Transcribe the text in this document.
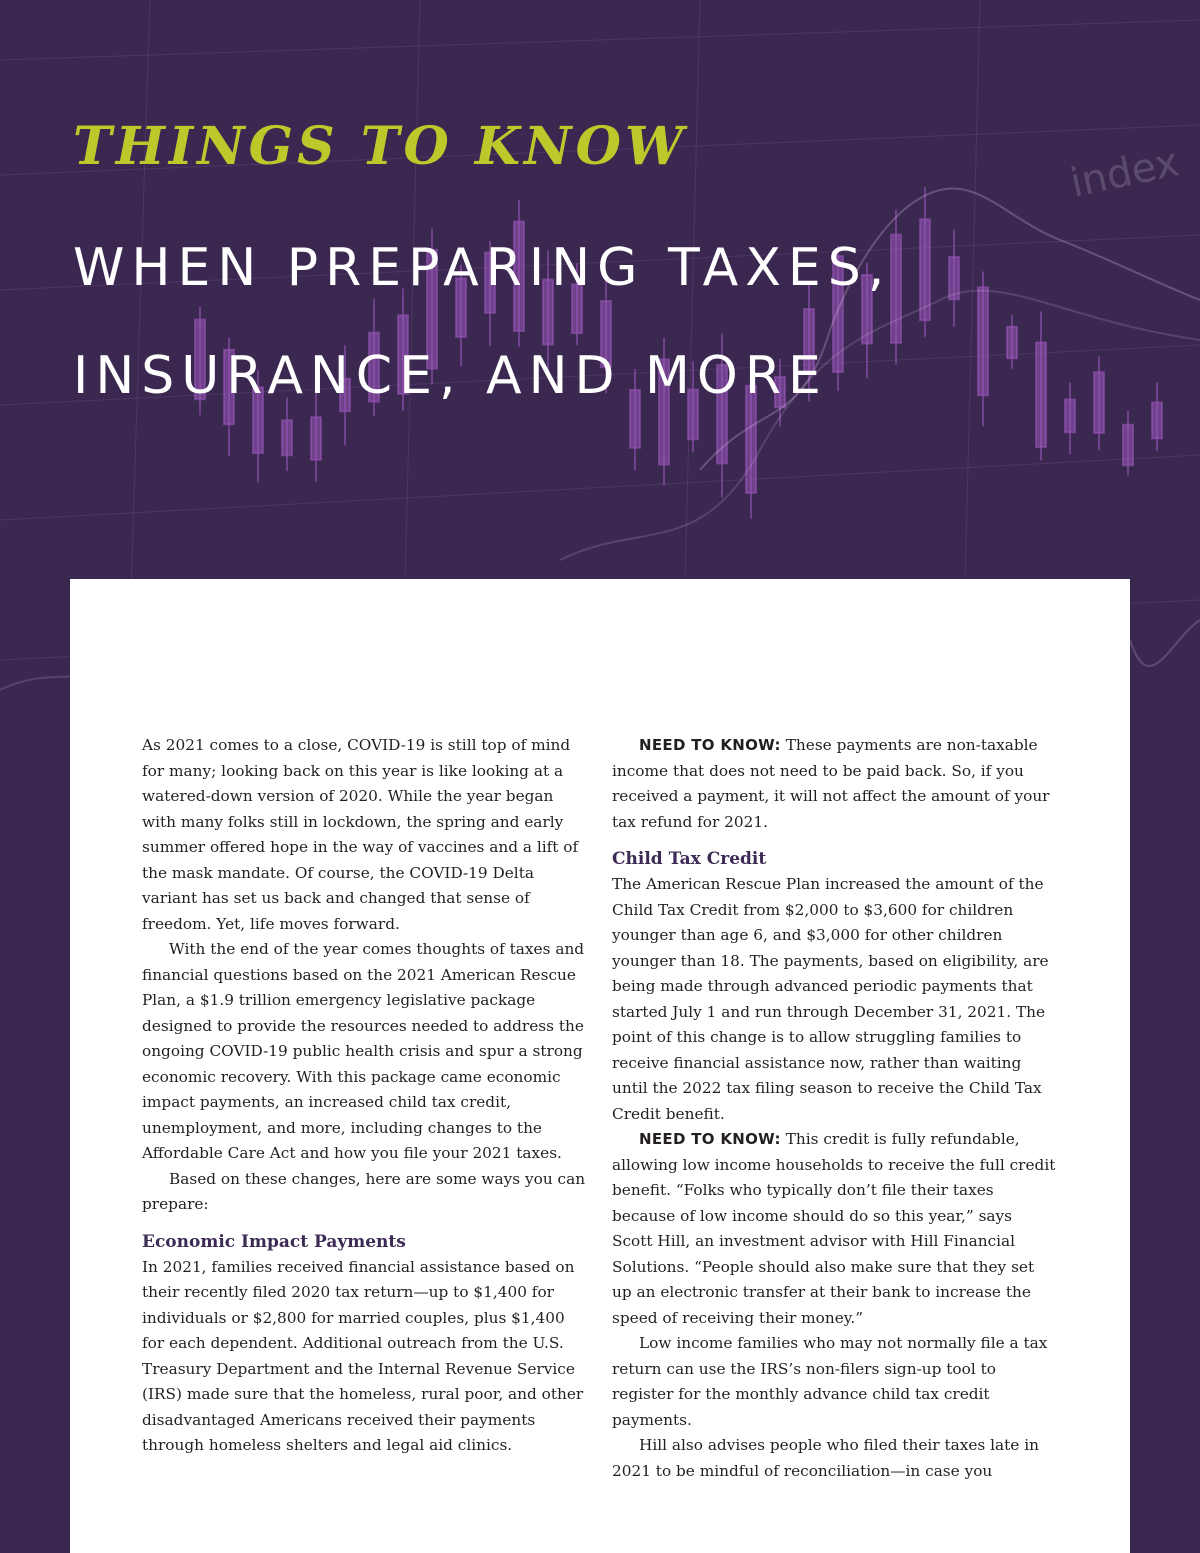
index
THINGS TO KNOW
WHEN PREPARING TAXES,
INSURANCE, AND MORE

As 2021 comes to a close, COVID-19 is still top of mind for many; looking back on this year is like looking at a watered-down version of 2020. While the year began with many folks still in lockdown, the spring and early summer offered hope in the way of vaccines and a lift of the mask mandate. Of course, the COVID-19 Delta variant has set us back and changed that sense of freedom. Yet, life moves forward.

With the end of the year comes thoughts of taxes and financial questions based on the 2021 American Rescue Plan, a $1.9 trillion emergency legislative package designed to provide the resources needed to address the ongoing COVID-19 public health crisis and spur a strong economic recovery. With this package came economic impact payments, an increased child tax credit, unemployment, and more, including changes to the Affordable Care Act and how you file your 2021 taxes.

Based on these changes, here are some ways you can prepare:

Economic Impact Payments

In 2021, families received financial assistance based on their recently filed 2020 tax return—up to $1,400 for individuals or $2,800 for married couples, plus $1,400 for each dependent. Additional outreach from the U.S. Treasury Department and the Internal Revenue Service (IRS) made sure that the homeless, rural poor, and other disadvantaged Americans received their payments through homeless shelters and legal aid clinics.

NEED TO KNOW: These payments are non-taxable income that does not need to be paid back. So, if you received a payment, it will not affect the amount of your tax refund for 2021.

Child Tax Credit

The American Rescue Plan increased the amount of the Child Tax Credit from $2,000 to $3,600 for children younger than age 6, and $3,000 for other children younger than 18. The payments, based on eligibility, are being made through advanced periodic payments that started July 1 and run through December 31, 2021. The point of this change is to allow struggling families to receive financial assistance now, rather than waiting until the 2022 tax filing season to receive the Child Tax Credit benefit.

NEED TO KNOW: This credit is fully refundable, allowing low income households to receive the full credit benefit. “Folks who typically don’t file their taxes because of low income should do so this year,” says Scott Hill, an investment advisor with Hill Financial Solutions. “People should also make sure that they set up an electronic transfer at their bank to increase the speed of receiving their money.”

Low income families who may not normally file a tax return can use the IRS’s non-filers sign-up tool to register for the monthly advance child tax credit payments.

Hill also advises people who filed their taxes late in 2021 to be mindful of reconciliation—in case you
